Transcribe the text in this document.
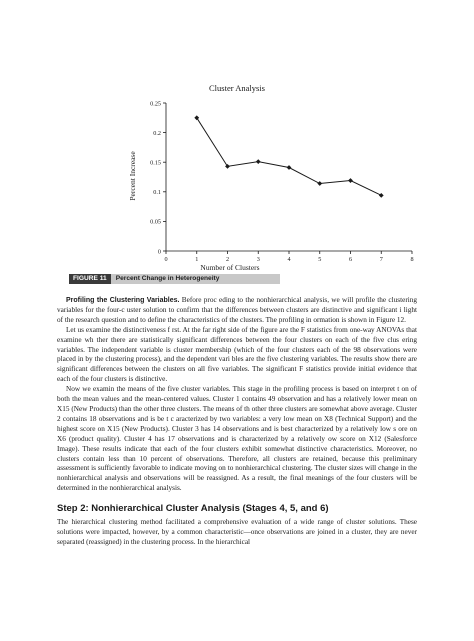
Cluster Analysis
0
0.05
0.1
0.15
0.2
0.25
0	1	2	3	4	5	6	7	8
Number of Clusters
Percent Increase
FIGURE 11 Percent Change in Heterogeneity

Profiling the Clustering Variables. Before proc eding to the nonhierarchical analysis, we will profile the clustering variables for the four-c uster solution to confirm that the differences between clusters are distinctive and significant i light of the research question and to define the characteristics of the clusters. The profiling in ormation is shown in Figure 12.

Let us examine the distinctiveness f rst. At the far right side of the figure are the F statistics from one-way ANOVAs that examine wh ther there are statistically significant differences between the four clusters on each of the five clus ering variables. The independent variable is cluster membership (which of the four clusters each of the 98 observations were placed in by the clustering process), and the dependent vari bles are the five clustering variables. The results show there are significant differences between the clusters on all five variables. The significant F statistics provide initial evidence that each of the four clusters is distinctive.

Now we examin the means of the five cluster variables. This stage in the profiling process is based on interpret t on of both the mean values and the mean-centered values. Cluster 1 contains 49 observation and has a relatively lower mean on X15 (New Products) than the other three clusters. The means of th other three clusters are somewhat above average. Cluster 2 contains 18 observations and is be t c aracterized by two variables: a very low mean on X8 (Technical Support) and the highest score on X15 (New Products). Cluster 3 has 14 observations and is best characterized by a relatively low s ore on X6 (product quality). Cluster 4 has 17 observations and is characterized by a relatively ow score on X12 (Salesforce Image). These results indicate that each of the four clusters exhibit somewhat distinctive characteristics. Moreover, no clusters contain less than 10 percent of observations. Therefore, all clusters are retained, because this preliminary assessment is sufficiently favorable to indicate moving on to nonhierarchical clustering. The cluster sizes will change in the nonhierarchical analysis and observations will be reassigned. As a result, the final meanings of the four clusters will be determined in the nonhierarchical analysis.

Step 2: Nonhierarchical Cluster Analysis (Stages 4, 5, and 6)

The hierarchical clustering method facilitated a comprehensive evaluation of a wide range of cluster solutions. These solutions were impacted, however, by a common characteristic—once observations are joined in a cluster, they are never separated (reassigned) in the clustering process. In the hierarchical
